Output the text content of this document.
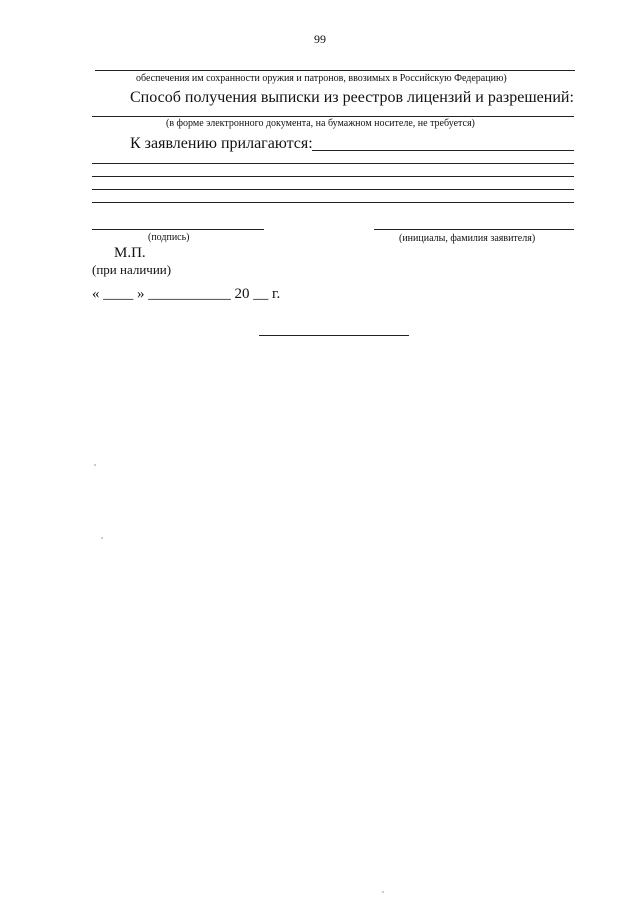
99
обеспечения им сохранности оружия и патронов, ввозимых в Российскую Федерацию)
Способ получения выписки из реестров лицензий и разрешений:
(в форме электронного документа, на бумажном носителе, не требуется)
К заявлению прилагаются:
(подпись)	(инициалы, фамилия заявителя)
М.П.
(при наличии)
« ____ » ___________ 20 __ г.
